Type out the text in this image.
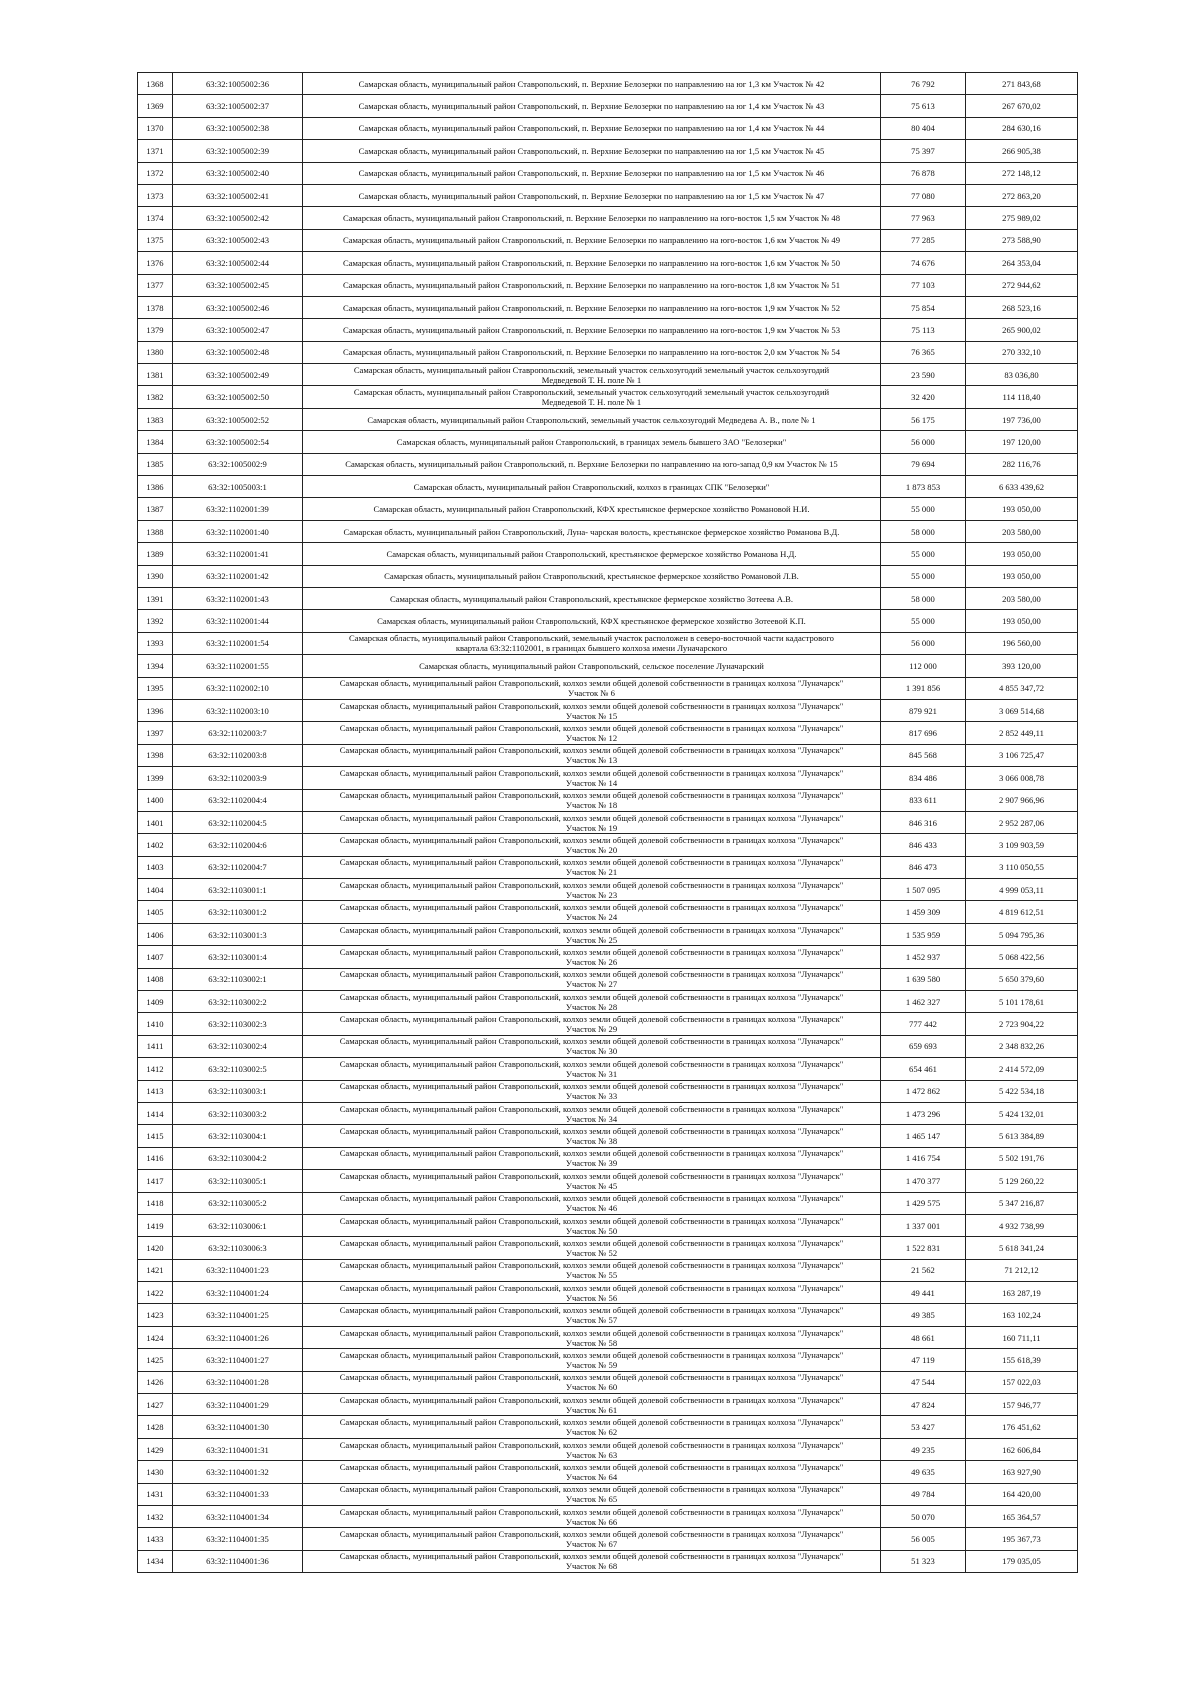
1368	63:32:1005002:36	Самарская область, муниципальный район Ставропольский, п. Верхние Белозерки по направлению на юг 1,3 км Участок № 42	76 792	271 843,68
1369	63:32:1005002:37	Самарская область, муниципальный район Ставропольский, п. Верхние Белозерки по направлению на юг 1,4 км Участок № 43	75 613	267 670,02
1370	63:32:1005002:38	Самарская область, муниципальный район Ставропольский, п. Верхние Белозерки по направлению на юг 1,4 км Участок № 44	80 404	284 630,16
1371	63:32:1005002:39	Самарская область, муниципальный район Ставропольский, п. Верхние Белозерки по направлению на юг 1,5 км Участок № 45	75 397	266 905,38
1372	63:32:1005002:40	Самарская область, муниципальный район Ставропольский, п. Верхние Белозерки по направлению на юг 1,5 км Участок № 46	76 878	272 148,12
1373	63:32:1005002:41	Самарская область, муниципальный район Ставропольский, п. Верхние Белозерки по направлению на юг 1,5 км Участок № 47	77 080	272 863,20
1374	63:32:1005002:42	Самарская область, муниципальный район Ставропольский, п. Верхние Белозерки по направлению на юго-восток 1,5 км Участок № 48	77 963	275 989,02
1375	63:32:1005002:43	Самарская область, муниципальный район Ставропольский, п. Верхние Белозерки по направлению на юго-восток 1,6 км Участок № 49	77 285	273 588,90
1376	63:32:1005002:44	Самарская область, муниципальный район Ставропольский, п. Верхние Белозерки по направлению на юго-восток 1,6 км Участок № 50	74 676	264 353,04
1377	63:32:1005002:45	Самарская область, муниципальный район Ставропольский, п. Верхние Белозерки по направлению на юго-восток 1,8 км Участок № 51	77 103	272 944,62
1378	63:32:1005002:46	Самарская область, муниципальный район Ставропольский, п. Верхние Белозерки по направлению на юго-восток 1,9 км Участок № 52	75 854	268 523,16
1379	63:32:1005002:47	Самарская область, муниципальный район Ставропольский, п. Верхние Белозерки по направлению на юго-восток 1,9 км Участок № 53	75 113	265 900,02
1380	63:32:1005002:48	Самарская область, муниципальный район Ставропольский, п. Верхние Белозерки по направлению на юго-восток 2,0 км Участок № 54	76 365	270 332,10
1381	63:32:1005002:49	Самарская область, муниципальный район Ставропольский, земельный участок сельхозугодий земельный участок сельхозугодий
Медведевой Т. Н. поле № 1	23 590	83 036,80
1382	63:32:1005002:50	Самарская область, муниципальный район Ставропольский, земельный участок сельхозугодий земельный участок сельхозугодий
Медведевой Т. Н. поле № 1	32 420	114 118,40
1383	63:32:1005002:52	Самарская область, муниципальный район Ставропольский, земельный участок сельхозугодий Медведева А. В., поле № 1	56 175	197 736,00
1384	63:32:1005002:54	Самарская область, муниципальный район Ставропольский, в границах земель бывшего ЗАО "Белозерки"	56 000	197 120,00
1385	63:32:1005002:9	Самарская область, муниципальный район Ставропольский, п. Верхние Белозерки по направлению на юго-запад 0,9 км Участок № 15	79 694	282 116,76
1386	63:32:1005003:1	Самарская область, муниципальный район Ставропольский, колхоз в границах СПК "Белозерки"	1 873 853	6 633 439,62
1387	63:32:1102001:39	Самарская область, муниципальный район Ставропольский, КФХ крестьянское фермерское хозяйство Романовой Н.И.	55 000	193 050,00
1388	63:32:1102001:40	Самарская область, муниципальный район Ставропольский, Луна- чарская волость, крестьянское фермерское хозяйство Романова В.Д.	58 000	203 580,00
1389	63:32:1102001:41	Самарская область, муниципальный район Ставропольский, крестьянское фермерское хозяйство Романова Н.Д.	55 000	193 050,00
1390	63:32:1102001:42	Самарская область, муниципальный район Ставропольский, крестьянское фермерское хозяйство Романовой Л.В.	55 000	193 050,00
1391	63:32:1102001:43	Самарская область, муниципальный район Ставропольский, крестьянское фермерское хозяйство Зотеева А.В.	58 000	203 580,00
1392	63:32:1102001:44	Самарская область, муниципальный район Ставропольский, КФХ крестьянское фермерское хозяйство Зотеевой К.П.	55 000	193 050,00
1393	63:32:1102001:54	Самарская область, муниципальный район Ставропольский, земельный участок расположен в северо-восточной части кадастрового
квартала 63:32:1102001, в границах бывшего колхоза имени Луначарского	56 000	196 560,00
1394	63:32:1102001:55	Самарская область, муниципальный район Ставропольский, сельское поселение Луначарский	112 000	393 120,00
1395	63:32:1102002:10	Самарская область, муниципальный район Ставропольский, колхоз земли общей долевой собственности в границах колхоза "Луначарск"
Участок № 6	1 391 856	4 855 347,72
1396	63:32:1102003:10	Самарская область, муниципальный район Ставропольский, колхоз земли общей долевой собственности в границах колхоза "Луначарск"
Участок № 15	879 921	3 069 514,68
1397	63:32:1102003:7	Самарская область, муниципальный район Ставропольский, колхоз земли общей долевой собственности в границах колхоза "Луначарск"
Участок № 12	817 696	2 852 449,11
1398	63:32:1102003:8	Самарская область, муниципальный район Ставропольский, колхоз земли общей долевой собственности в границах колхоза "Луначарск"
Участок № 13	845 568	3 106 725,47
1399	63:32:1102003:9	Самарская область, муниципальный район Ставропольский, колхоз земли общей долевой собственности в границах колхоза "Луначарск"
Участок № 14	834 486	3 066 008,78
1400	63:32:1102004:4	Самарская область, муниципальный район Ставропольский, колхоз земли общей долевой собственности в границах колхоза "Луначарск"
Участок № 18	833 611	2 907 966,96
1401	63:32:1102004:5	Самарская область, муниципальный район Ставропольский, колхоз земли общей долевой собственности в границах колхоза "Луначарск"
Участок № 19	846 316	2 952 287,06
1402	63:32:1102004:6	Самарская область, муниципальный район Ставропольский, колхоз земли общей долевой собственности в границах колхоза "Луначарск"
Участок № 20	846 433	3 109 903,59
1403	63:32:1102004:7	Самарская область, муниципальный район Ставропольский, колхоз земли общей долевой собственности в границах колхоза "Луначарск"
Участок № 21	846 473	3 110 050,55
1404	63:32:1103001:1	Самарская область, муниципальный район Ставропольский, колхоз земли общей долевой собственности в границах колхоза "Луначарск"
Участок № 23	1 507 095	4 999 053,11
1405	63:32:1103001:2	Самарская область, муниципальный район Ставропольский, колхоз земли общей долевой собственности в границах колхоза "Луначарск"
Участок № 24	1 459 309	4 819 612,51
1406	63:32:1103001:3	Самарская область, муниципальный район Ставропольский, колхоз земли общей долевой собственности в границах колхоза "Луначарск"
Участок № 25	1 535 959	5 094 795,36
1407	63:32:1103001:4	Самарская область, муниципальный район Ставропольский, колхоз земли общей долевой собственности в границах колхоза "Луначарск"
Участок № 26	1 452 937	5 068 422,56
1408	63:32:1103002:1	Самарская область, муниципальный район Ставропольский, колхоз земли общей долевой собственности в границах колхоза "Луначарск"
Участок № 27	1 639 580	5 650 379,60
1409	63:32:1103002:2	Самарская область, муниципальный район Ставропольский, колхоз земли общей долевой собственности в границах колхоза "Луначарск"
Участок № 28	1 462 327	5 101 178,61
1410	63:32:1103002:3	Самарская область, муниципальный район Ставропольский, колхоз земли общей долевой собственности в границах колхоза "Луначарск"
Участок № 29	777 442	2 723 904,22
1411	63:32:1103002:4	Самарская область, муниципальный район Ставропольский, колхоз земли общей долевой собственности в границах колхоза "Луначарск"
Участок № 30	659 693	2 348 832,26
1412	63:32:1103002:5	Самарская область, муниципальный район Ставропольский, колхоз земли общей долевой собственности в границах колхоза "Луначарск"
Участок № 31	654 461	2 414 572,09
1413	63:32:1103003:1	Самарская область, муниципальный район Ставропольский, колхоз земли общей долевой собственности в границах колхоза "Луначарск"
Участок № 33	1 472 862	5 422 534,18
1414	63:32:1103003:2	Самарская область, муниципальный район Ставропольский, колхоз земли общей долевой собственности в границах колхоза "Луначарск"
Участок № 34	1 473 296	5 424 132,01
1415	63:32:1103004:1	Самарская область, муниципальный район Ставропольский, колхоз земли общей долевой собственности в границах колхоза "Луначарск"
Участок № 38	1 465 147	5 613 384,89
1416	63:32:1103004:2	Самарская область, муниципальный район Ставропольский, колхоз земли общей долевой собственности в границах колхоза "Луначарск"
Участок № 39	1 416 754	5 502 191,76
1417	63:32:1103005:1	Самарская область, муниципальный район Ставропольский, колхоз земли общей долевой собственности в границах колхоза "Луначарск"
Участок № 45	1 470 377	5 129 260,22
1418	63:32:1103005:2	Самарская область, муниципальный район Ставропольский, колхоз земли общей долевой собственности в границах колхоза "Луначарск"
Участок № 46	1 429 575	5 347 216,87
1419	63:32:1103006:1	Самарская область, муниципальный район Ставропольский, колхоз земли общей долевой собственности в границах колхоза "Луначарск"
Участок № 50	1 337 001	4 932 738,99
1420	63:32:1103006:3	Самарская область, муниципальный район Ставропольский, колхоз земли общей долевой собственности в границах колхоза "Луначарск"
Участок № 52	1 522 831	5 618 341,24
1421	63:32:1104001:23	Самарская область, муниципальный район Ставропольский, колхоз земли общей долевой собственности в границах колхоза "Луначарск"
Участок № 55	21 562	71 212,12
1422	63:32:1104001:24	Самарская область, муниципальный район Ставропольский, колхоз земли общей долевой собственности в границах колхоза "Луначарск"
Участок № 56	49 441	163 287,19
1423	63:32:1104001:25	Самарская область, муниципальный район Ставропольский, колхоз земли общей долевой собственности в границах колхоза "Луначарск"
Участок № 57	49 385	163 102,24
1424	63:32:1104001:26	Самарская область, муниципальный район Ставропольский, колхоз земли общей долевой собственности в границах колхоза "Луначарск"
Участок № 58	48 661	160 711,11
1425	63:32:1104001:27	Самарская область, муниципальный район Ставропольский, колхоз земли общей долевой собственности в границах колхоза "Луначарск"
Участок № 59	47 119	155 618,39
1426	63:32:1104001:28	Самарская область, муниципальный район Ставропольский, колхоз земли общей долевой собственности в границах колхоза "Луначарск"
Участок № 60	47 544	157 022,03
1427	63:32:1104001:29	Самарская область, муниципальный район Ставропольский, колхоз земли общей долевой собственности в границах колхоза "Луначарск"
Участок № 61	47 824	157 946,77
1428	63:32:1104001:30	Самарская область, муниципальный район Ставропольский, колхоз земли общей долевой собственности в границах колхоза "Луначарск"
Участок № 62	53 427	176 451,62
1429	63:32:1104001:31	Самарская область, муниципальный район Ставропольский, колхоз земли общей долевой собственности в границах колхоза "Луначарск"
Участок № 63	49 235	162 606,84
1430	63:32:1104001:32	Самарская область, муниципальный район Ставропольский, колхоз земли общей долевой собственности в границах колхоза "Луначарск"
Участок № 64	49 635	163 927,90
1431	63:32:1104001:33	Самарская область, муниципальный район Ставропольский, колхоз земли общей долевой собственности в границах колхоза "Луначарск"
Участок № 65	49 784	164 420,00
1432	63:32:1104001:34	Самарская область, муниципальный район Ставропольский, колхоз земли общей долевой собственности в границах колхоза "Луначарск"
Участок № 66	50 070	165 364,57
1433	63:32:1104001:35	Самарская область, муниципальный район Ставропольский, колхоз земли общей долевой собственности в границах колхоза "Луначарск"
Участок № 67	56 005	195 367,73
1434	63:32:1104001:36	Самарская область, муниципальный район Ставропольский, колхоз земли общей долевой собственности в границах колхоза "Луначарск"
Участок № 68	51 323	179 035,05
